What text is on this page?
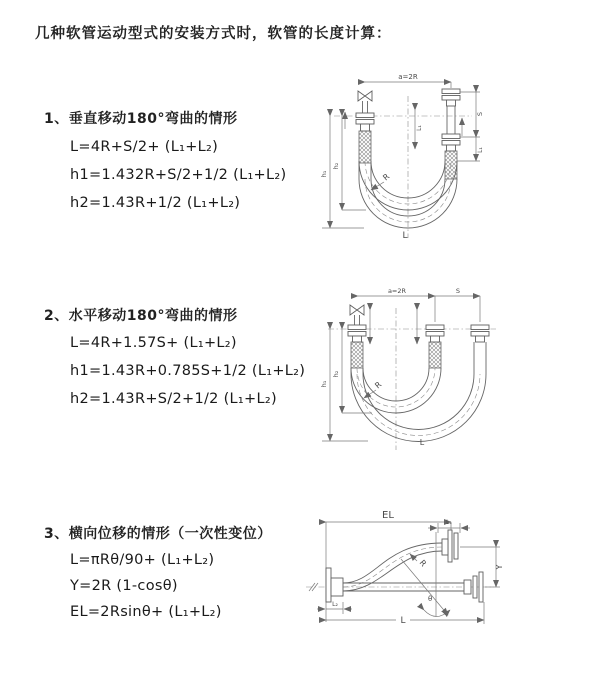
几种软管运动型式的安装方式时，软管的长度计算：
1、垂直移动180°弯曲的情形
L=4R+S/2+ (L₁+L₂)
h1=1.432R+S/2+1/2 (L₁+L₂)
h2=1.43R+1/2 (L₁+L₂)
a=2R
h₁
h₂
S
L₁
L₁
R
L
2、水平移动180°弯曲的情形
L=4R+1.57S+ (L₁+L₂)
h1=1.43R+0.785S+1/2 (L₁+L₂)
h2=1.43R+S/2+1/2 (L₁+L₂)
a=2R	S
h₁
h₂
R
L
3、横向位移的情形（一次性变位）
L=πRθ/90+ (L₁+L₂)
Y=2R (1-cosθ)
EL=2Rsinθ+ (L₁+L₂)
EL
L₁
L₂
Y
θ
R
L
